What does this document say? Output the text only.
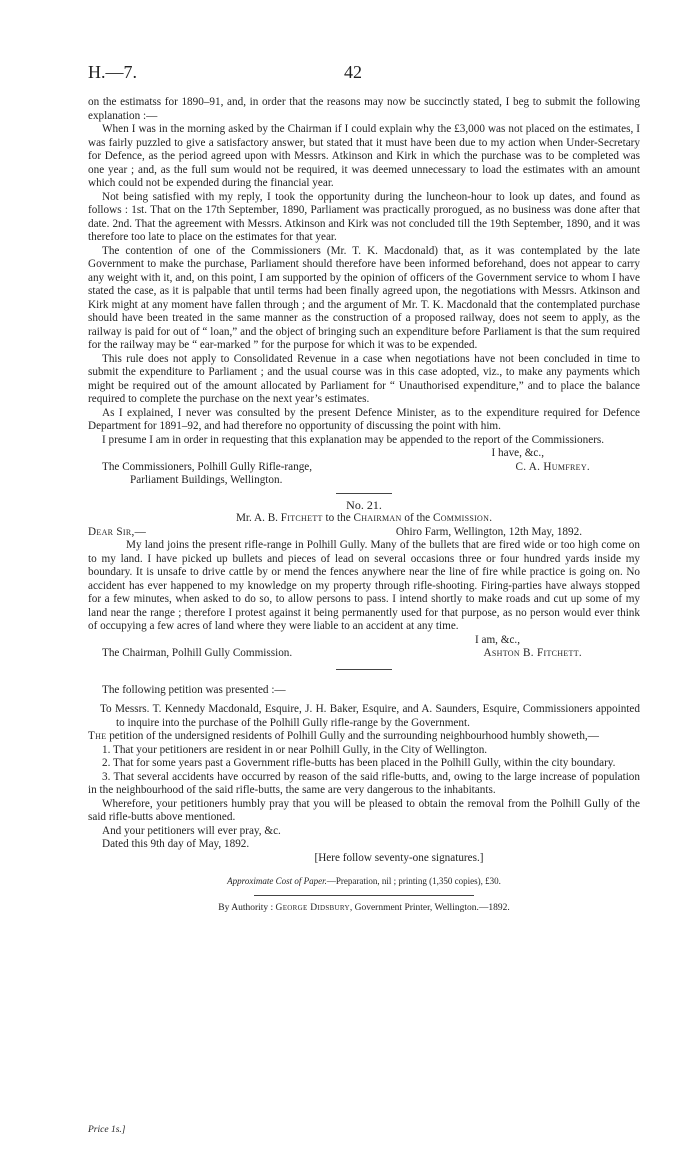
H.—7.	42

on the estimatss for 1890–91, and, in order that the reasons may now be succinctly stated, I beg to submit the following explanation :—

When I was in the morning asked by the Chairman if I could explain why the £3,000 was not placed on the estimates, I was fairly puzzled to give a satisfactory answer, but stated that it must have been due to my action when Under-Secretary for Defence, as the period agreed upon with Messrs. Atkinson and Kirk in which the purchase was to be completed was one year ; and, as the full sum would not be required, it was deemed unnecessary to load the estimates with an amount which could not be expended during the financial year.

Not being satisfied with my reply, I took the opportunity during the luncheon-hour to look up dates, and found as follows : 1st. That on the 17th September, 1890, Parliament was practically prorogued, as no business was done after that date. 2nd. That the agreement with Messrs. Atkinson and Kirk was not concluded till the 19th September, 1890, and it was therefore too late to place on the estimates for that year.

The contention of one of the Commissioners (Mr. T. K. Macdonald) that, as it was contemplated by the late Government to make the purchase, Parliament should therefore have been informed beforehand, does not appear to carry any weight with it, and, on this point, I am supported by the opinion of officers of the Government service to whom I have stated the case, as it is palpable that until terms had been finally agreed upon, the negotiations with Messrs. Atkinson and Kirk might at any moment have fallen through ; and the argument of Mr. T. K. Macdonald that the contemplated purchase should have been treated in the same manner as the construction of a proposed railway, does not seem to apply, as the railway is paid for out of “ loan,” and the object of bringing such an expenditure before Parliament is that the sum required for the railway may be “ ear-marked ” for the purpose for which it was to be expended.

This rule does not apply to Consolidated Revenue in a case when negotiations have not been concluded in time to submit the expenditure to Parliament ; and the usual course was in this case adopted, viz., to make any payments which might be required out of the amount allocated by Parliament for “ Unauthorised expenditure,” and to place the balance required to complete the purchase on the next year’s estimates.

As I explained, I never was consulted by the present Defence Minister, as to the expenditure required for Defence Department for 1891–92, and had therefore no opportunity of discussing the point with him.

I presume I am in order in requesting that this explanation may be appended to the report of the Commissioners.

I have, &c.,
The Commissioners, Polhill Gully Rifle-range,	C. A. Humfrey.
Parliament Buildings, Wellington.

No. 21.

Mr. A. B. Fitchett to the Chairman of the Commission.

Dear Sir,—	Ohiro Farm, Wellington, 12th May, 1892.

My land joins the present rifle-range in Polhill Gully. Many of the bullets that are fired wide or too high come on to my land. I have picked up bullets and pieces of lead on several occasions three or four hundred yards inside my boundary. It is unsafe to drive cattle by or mend the fences anywhere near the line of fire while practice is going on. No accident has ever happened to my knowledge on my property through rifle-shooting. Firing-parties have always stopped for a few minutes, when asked to do so, to allow persons to pass. I intend shortly to make roads and cut up some of my land near the range ; therefore I protest against it being permanently used for that purpose, as no person would ever think of occupying a few acres of land where they were liable to an accident at any time.

I am, &c.,
The Chairman, Polhill Gully Commission.	Ashton B. Fitchett.

The following petition was presented :—

To Messrs. T. Kennedy Macdonald, Esquire, J. H. Baker, Esquire, and A. Saunders, Esquire, Commissioners appointed to inquire into the purchase of the Polhill Gully rifle-range by the Government.

The petition of the undersigned residents of Polhill Gully and the surrounding neighbourhood humbly showeth,—

1. That your petitioners are resident in or near Polhill Gully, in the City of Wellington.

2. That for some years past a Government rifle-butts has been placed in the Polhill Gully, within the city boundary.

3. That several accidents have occurred by reason of the said rifle-butts, and, owing to the large increase of population in the neighbourhood of the said rifle-butts, the same are very dangerous to the inhabitants.

Wherefore, your petitioners humbly pray that you will be pleased to obtain the removal from the Polhill Gully of the said rifle-butts above mentioned.

And your petitioners will ever pray, &c.

Dated this 9th day of May, 1892.

[Here follow seventy-one signatures.]

Approximate Cost of Paper.—Preparation, nil ; printing (1,350 copies), £30.

By Authority : George Didsbury, Government Printer, Wellington.—1892.

Price 1s.]
